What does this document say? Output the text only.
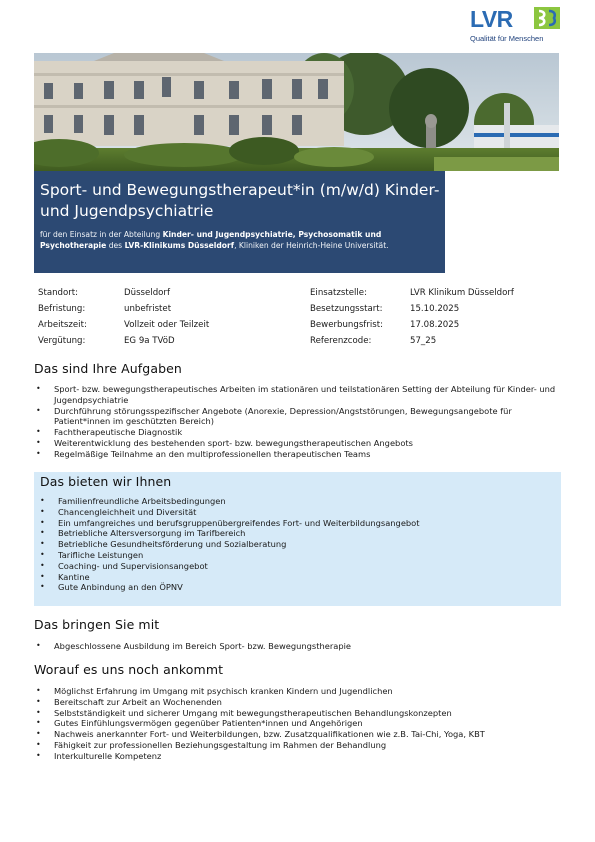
LVR
Qualität für Menschen
Sport- und Bewegungstherapeut*in (m/w/d) Kinder- und Jugendpsychiatrie
für den Einsatz in der Abteilung Kinder- und Jugendpsychiatrie, Psychosomatik und Psychotherapie des LVR-Klinikums Düsseldorf, Kliniken der Heinrich-Heine Universität.
Standort:	Düsseldorf	Einsatzstelle:	LVR Klinikum Düsseldorf
Befristung:	unbefristet	Besetzungsstart:	15.10.2025
Arbeitszeit:	Vollzeit oder Teilzeit	Bewerbungsfrist:	17.08.2025
Vergütung:	EG 9a TVöD	Referenzcode:	57_25
Das sind Ihre Aufgaben
• Sport- bzw. bewegungstherapeutisches Arbeiten im stationären und teilstationären Setting der Abteilung für Kinder- und Jugendpsychiatrie
• Durchführung störungsspezifischer Angebote (Anorexie, Depression/Angststörungen, Bewegungsangebote für Patient*innen im geschützten Bereich)
• Fachtherapeutische Diagnostik
• Weiterentwicklung des bestehenden sport- bzw. bewegungstherapeutischen Angebots
• Regelmäßige Teilnahme an den multiprofessionellen therapeutischen Teams
Das bieten wir Ihnen
• Familienfreundliche Arbeitsbedingungen
• Chancengleichheit und Diversität
• Ein umfangreiches und berufsgruppenübergreifendes Fort- und Weiterbildungsangebot
• Betriebliche Altersversorgung im Tarifbereich
• Betriebliche Gesundheitsförderung und Sozialberatung
• Tarifliche Leistungen
• Coaching- und Supervisionsangebot
• Kantine
• Gute Anbindung an den ÖPNV
Das bringen Sie mit
• Abgeschlossene Ausbildung im Bereich Sport- bzw. Bewegungstherapie
Worauf es uns noch ankommt
• Möglichst Erfahrung im Umgang mit psychisch kranken Kindern und Jugendlichen
• Bereitschaft zur Arbeit an Wochenenden
• Selbstständigkeit und sicherer Umgang mit bewegungstherapeutischen Behandlungskonzepten
• Gutes Einfühlungsvermögen gegenüber Patienten*innen und Angehörigen
• Nachweis anerkannter Fort- und Weiterbildungen, bzw. Zusatzqualifikationen wie z.B. Tai-Chi, Yoga, KBT
• Fähigkeit zur professionellen Beziehungsgestaltung im Rahmen der Behandlung
• Interkulturelle Kompetenz
